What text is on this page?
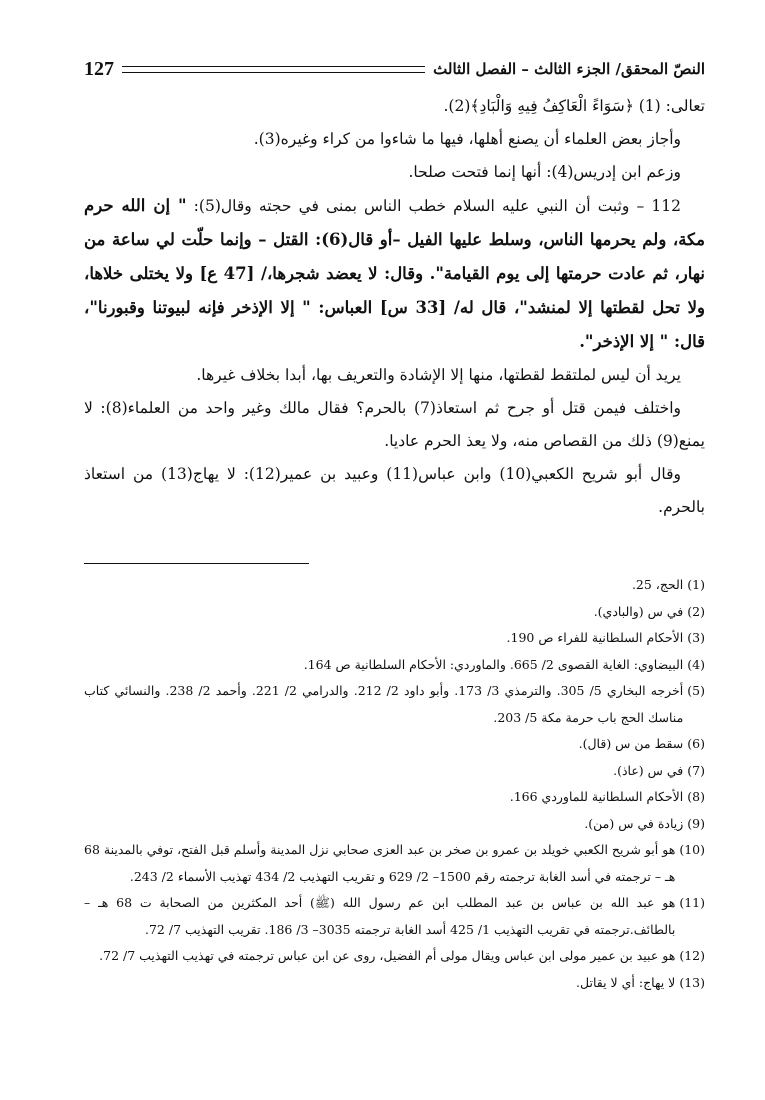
النصّ المحقق/ الجزء الثالث – الفصل الثالث
127

تعالى: (1) ﴿سَوَاءً الْعَاكِفُ فِيهِ وَالْبَادِ﴾(2).

وأجاز بعض العلماء أن يصنع أهلها، فيها ما شاءوا من كراء وغيره(3).

وزعم ابن إدريس(4): أنها إنما فتحت صلحا.

112 – وثبت أن النبي عليه السلام خطب الناس بمنى في حجته وقال(5): " إن الله حرم مكة، ولم يحرمها الناس، وسلط عليها الفيل –أو قال(6): القتل – وإنما حلّت لي ساعة من نهار، ثم عادت حرمتها إلى يوم القيامة". وقال: لا يعضد شجرها،/ [47 ع] ولا يختلى خلاها، ولا تحل لقطتها إلا لمنشد"، قال له/ [33 س] العباس: " إلا الإذخر فإنه لبيوتنا وقبورنا"، قال: " إلا الإذخر".

يريد أن ليس لملتقط لقطتها، منها إلا الإشادة والتعريف بها، أبدا بخلاف غيرها.

واختلف فيمن قتل أو جرح ثم استعاذ(7) بالحرم؟ فقال مالك وغير واحد من العلماء(8): لا يمنع(9) ذلك من القصاص منه، ولا يعذ الحرم عاديا.

وقال أبو شريح الكعبي(10) وابن عباس(11) وعبيد بن عمير(12): لا يهاج(13) من استعاذ بالحرم.

(1)
الحج، 25.
(2)
في س (والبادي).
(3)
الأحكام السلطانية للفراء ص 190.
(4)
البيضاوي: الغاية القصوى 2/ 665. والماوردي: الأحكام السلطانية ص 164.
(5)
أخرجه البخاري 5/ 305. والترمذي 3/ 173. وأبو داود 2/ 212. والدرامي 2/ 221. وأحمد 2/ 238. والنسائي كتاب مناسك الحج باب حرمة مكة 5/ 203.
(6)
سقط من س (قال).
(7)
في س (عاذ).
(8)
الأحكام السلطانية للماوردي 166.
(9)
زيادة في س (من).
(10)
هو أبو شريح الكعبي خويلد بن عمرو بن صخر بن عبد العزى صحابي نزل المدينة وأسلم قبل الفتح، توفي بالمدينة 68 هـ – ترجمته في أسد الغابة ترجمته رقم 1500– 2/ 629 و تقريب التهذيب 2/ 434 تهذيب الأسماء 2/ 243.
(11)
هو عبد الله بن عباس بن عبد المطلب ابن عم رسول الله (ﷺ) أحد المكثرين من الصحابة ت 68 هـ – بالطائف.ترجمته في تقريب التهذيب 1/ 425 أسد الغابة ترجمته 3035– 3/ 186. تقريب التهذيب 7/ 72.
(12)
هو عبيد بن عمير مولى ابن عباس ويقال مولى أم الفضيل، روى عن ابن عباس ترجمته في تهذيب التهذيب 7/ 72.
(13)
لا يهاج: أي لا يقاتل.
